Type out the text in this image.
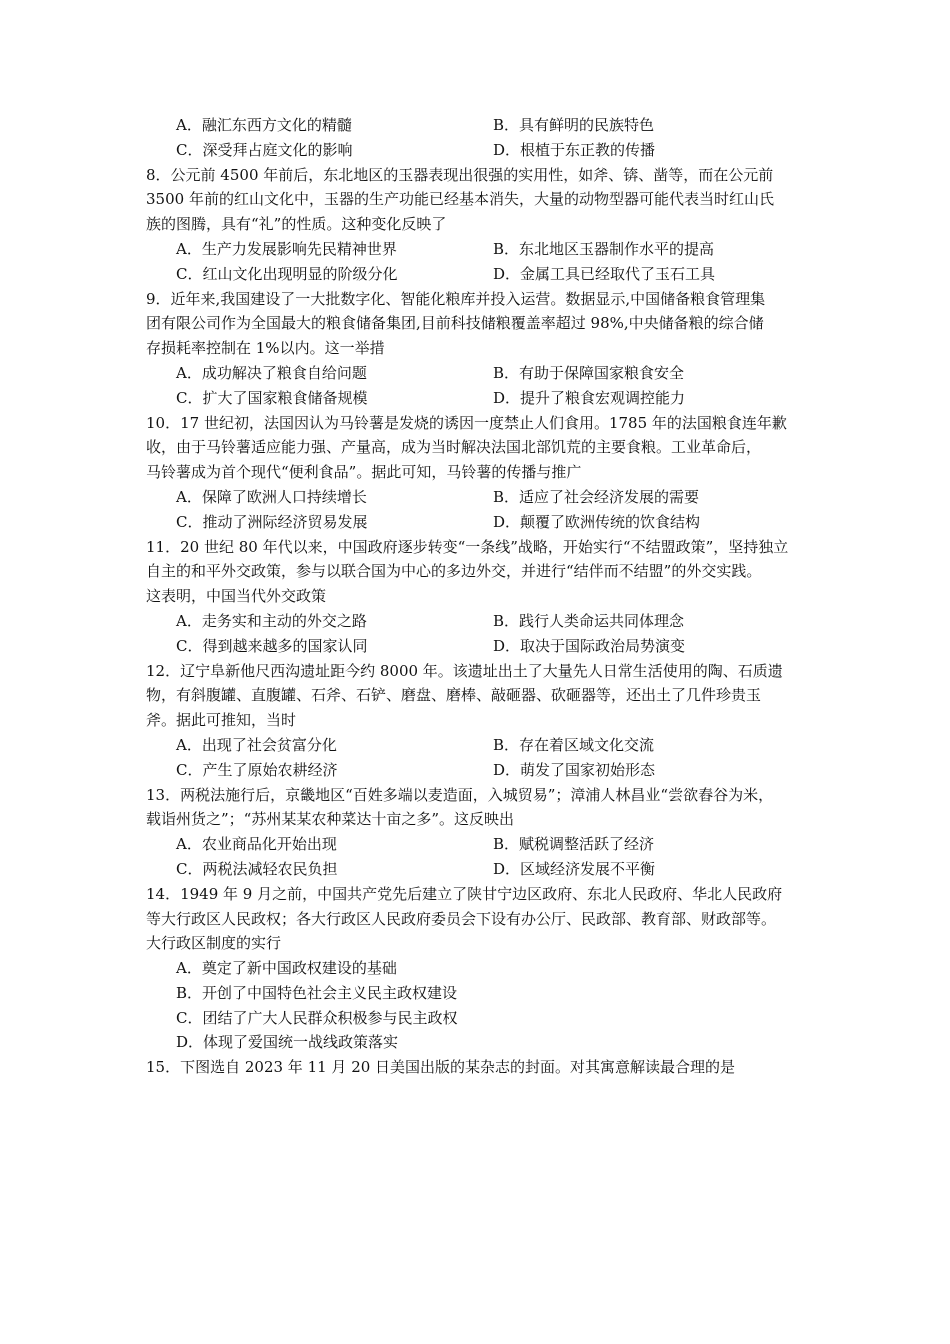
A．融汇东西方文化的精髓	B．具有鲜明的民族特色
C．深受拜占庭文化的影响	D．根植于东正教的传播
8．公元前 4500 年前后，东北地区的玉器表现出很强的实用性，如斧、锛、凿等，而在公元前
3500 年前的红山文化中，玉器的生产功能已经基本消失，大量的动物型器可能代表当时红山氏
族的图腾，具有“礼”的性质。这种变化反映了
A．生产力发展影响先民精神世界	B．东北地区玉器制作水平的提高
C．红山文化出现明显的阶级分化	D．金属工具已经取代了玉石工具
9．近年来,我国建设了一大批数字化、智能化粮库并投入运营。数据显示,中国储备粮食管理集
团有限公司作为全国最大的粮食储备集团,目前科技储粮覆盖率超过 98%,中央储备粮的综合储
存损耗率控制在 1%以内。这一举措
A．成功解决了粮食自给问题	B．有助于保障国家粮食安全
C．扩大了国家粮食储备规模	D．提升了粮食宏观调控能力
10．17 世纪初，法国因认为马铃薯是发烧的诱因一度禁止人们食用。1785 年的法国粮食连年歉
收，由于马铃薯适应能力强、产量高，成为当时解决法国北部饥荒的主要食粮。工业革命后，
马铃薯成为首个现代“便利食品”。据此可知，马铃薯的传播与推广
A．保障了欧洲人口持续增长	B．适应了社会经济发展的需要
C．推动了洲际经济贸易发展	D．颠覆了欧洲传统的饮食结构
11．20 世纪 80 年代以来，中国政府逐步转变“一条线”战略，开始实行“不结盟政策”，坚持独立
自主的和平外交政策，参与以联合国为中心的多边外交，并进行“结伴而不结盟”的外交实践。
这表明，中国当代外交政策
A．走务实和主动的外交之路	B．践行人类命运共同体理念
C．得到越来越多的国家认同	D．取决于国际政治局势演变
12．辽宁阜新他尺西沟遗址距今约 8000 年。该遗址出土了大量先人日常生活使用的陶、石质遗
物，有斜腹罐、直腹罐、石斧、石铲、磨盘、磨棒、敲砸器、砍砸器等，还出土了几件珍贵玉
斧。据此可推知，当时
A．出现了社会贫富分化	B．存在着区域文化交流
C．产生了原始农耕经济	D．萌发了国家初始形态
13．两税法施行后，京畿地区“百姓多端以麦造面，入城贸易”；漳浦人林昌业“尝欲舂谷为米，
载诣州货之”；“苏州某某农种菜达十亩之多”。这反映出
A．农业商品化开始出现	B．赋税调整活跃了经济
C．两税法减轻农民负担	D．区域经济发展不平衡
14．1949 年 9 月之前，中国共产党先后建立了陕甘宁边区政府、东北人民政府、华北人民政府
等大行政区人民政权；各大行政区人民政府委员会下设有办公厅、民政部、教育部、财政部等。
大行政区制度的实行
A．奠定了新中国政权建设的基础
B．开创了中国特色社会主义民主政权建设
C．团结了广大人民群众积极参与民主政权
D．体现了爱国统一战线政策落实
15．下图选自 2023 年 11 月 20 日美国出版的某杂志的封面。对其寓意解读最合理的是
